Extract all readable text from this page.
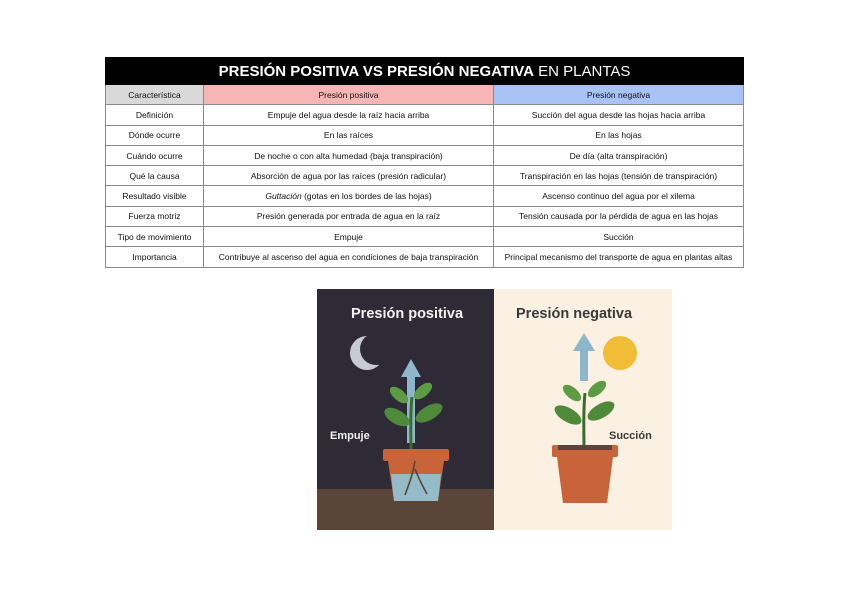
PRESIÓN POSITIVA VS PRESIÓN NEGATIVA EN PLANTAS		
Característica	Presión positiva	Presión negativa
Definición	Empuje del agua desde la raíz hacia arriba	Succión del agua desde las hojas hacia arriba
Dónde ocurre	En las raíces	En las hojas
Cuándo ocurre	De noche o con alta humedad (baja transpiración)	De día (alta transpiración)
Qué la causa	Absorción de agua por las raíces (presión radicular)	Transpiración en las hojas (tensión de transpiración)
Resultado visible	Guttación (gotas en los bordes de las hojas)	Ascenso continuo del agua por el xilema
Fuerza motriz	Presión generada por entrada de agua en la raíz	Tensión causada por la pérdida de agua en las hojas
Tipo de movimiento	Empuje	Succión
Importancia	Contribuye al ascenso del agua en condiciones de baja transpiración	Principal mecanismo del transporte de agua en plantas altas
Presión positiva
Empuje
Presión negativa
Succión
